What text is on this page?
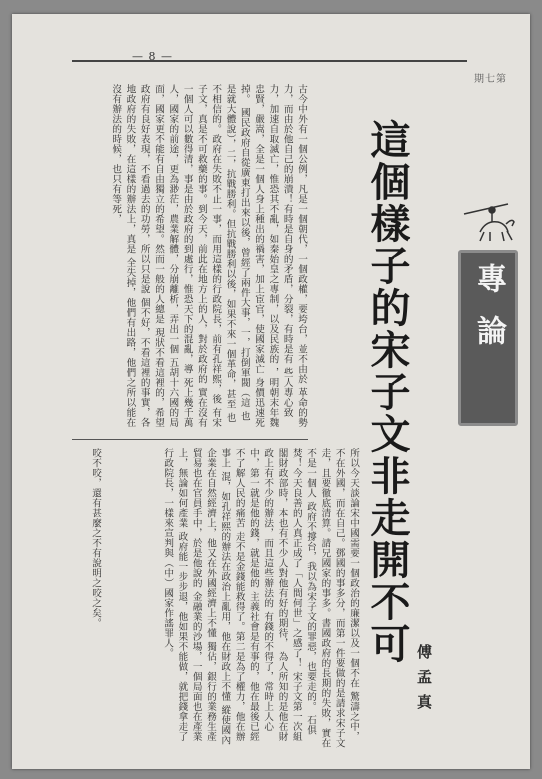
— 8 —
期七第
古今中外有一個公例，凡是一個朝代，一個政權，要垮台，並不由於 革命的勢力，而由於他自己的崩潰！有時是自身的矛盾，分裂，有時是有 些人專心致力，加速自取滅亡，惟恐其不亂，如秦始皇之專制，以及民族的 ，明朝末年魏忠賢，嚴嵩，全是一個人身上種出的禍害，加上宦官，使國家滅亡 身價迅速死掉。 國民政府自從廣東打出來以後，曾經了兩件大事，一，打倒軍閥（這 也是就大體說），二，抗戰勝利。但抗戰勝利以後，如果不來一個革命，甚至 也不相信的。政府在失敗不止一事，而用這樣的行政院長，前有孔祥熙，後 有宋子文，真是不可救藥的事。到今天，前此在地方上的人，對於政府的 實在沒有一個人可以數得清，事是由於政府的到處行，惟恐天下的混亂，導 死上幾千萬人，國家的前途，更為渺茫，農業解體，分崩離析，弄出一個 五胡十六國的局面，國家更不能有自由獨立的希望。然而一般的人總是 現狀不看這裡的，希望政府有良好表現，不看過去的功勞，所以只是說 個不好，不看這裡的事實，各地政府的失敗，在這樣的辦法上，真是 全失掉，他們有出路，他們之所以能在沒有辦法的時候，也只有等死，
咬不咬，還有甚麼之不有說明之咬之矣。	所以今天談論宋中國需要一個政治的廉潔以及一個不在 驚濤之中，不在外國，而在自己。鄧國的事多分，而第一件要做的是請求宋子文 走，且要徹底清算。請兄國家的事多。書國政府的長期的失敗，實在不是一個人 政府不撐台，我以為宋子文的罪惡，也要走的。 石俱焚！今天良善的人真正成了「人間何世」之感了！ 宋子文第一次組閣財政部時，本也有不少人對他有好的期待， 為人所知的是他在財政上有不少的辦法，而且這些辦法的 有錢的不得了，常時上人心中，第一就是他的錢，就是他的 主義社會是有事的，他在最後已經不了解人民的痛苦 走不是金錢能救得了。第二是為了權力，他在辦事上 混，如孔祥熙的辦法在政治上亂用，他在財政上不懂 縱使國內企業在自然經濟上，他又在外國經濟上不懂 獨佔，銀行的業務生產貿易也在官員手中，於是他說的 金融業的沙場，一個局面也在產業上，無論如何產業 政府能一步步退，他如果不能做，就把錢拿走了 行政院長，一樣來宣判與（中）國家作謠罪人。	這個樣子的宋子文非走開不可
傅孟真
專論
